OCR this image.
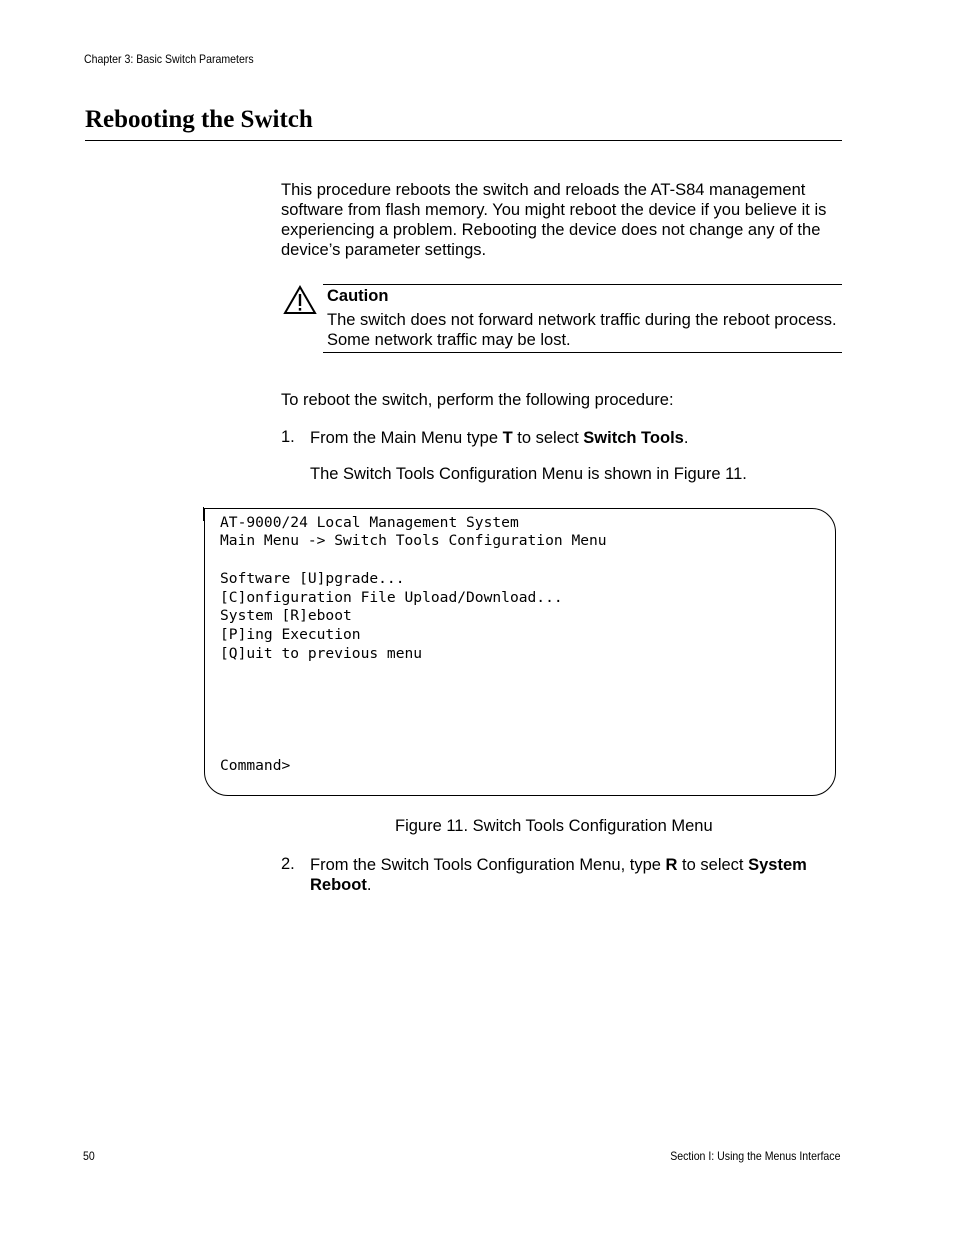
Chapter 3: Basic Switch Parameters
Rebooting the Switch

This procedure reboots the switch and reloads the AT-S84 management software from flash memory. You might reboot the device if you believe it is experiencing a problem. Rebooting the device does not change any of the device’s parameter settings.

Caution
The switch does not forward network traffic during the reboot process. Some network traffic may be lost.

To reboot the switch, perform the following procedure:

1. From the Main Menu type T to select Switch Tools.
The Switch Tools Configuration Menu is shown in Figure 11.
AT-9000/24 Local Management System
Main Menu -> Switch Tools Configuration Menu
Software [U]pgrade...
[C]onfiguration File Upload/Download...
System [R]eboot
[P]ing Execution
[Q]uit to previous menu
Command>
Figure 11. Switch Tools Configuration Menu
2. From the Switch Tools Configuration Menu, type R to select System Reboot.
50	Section I: Using the Menus Interface
